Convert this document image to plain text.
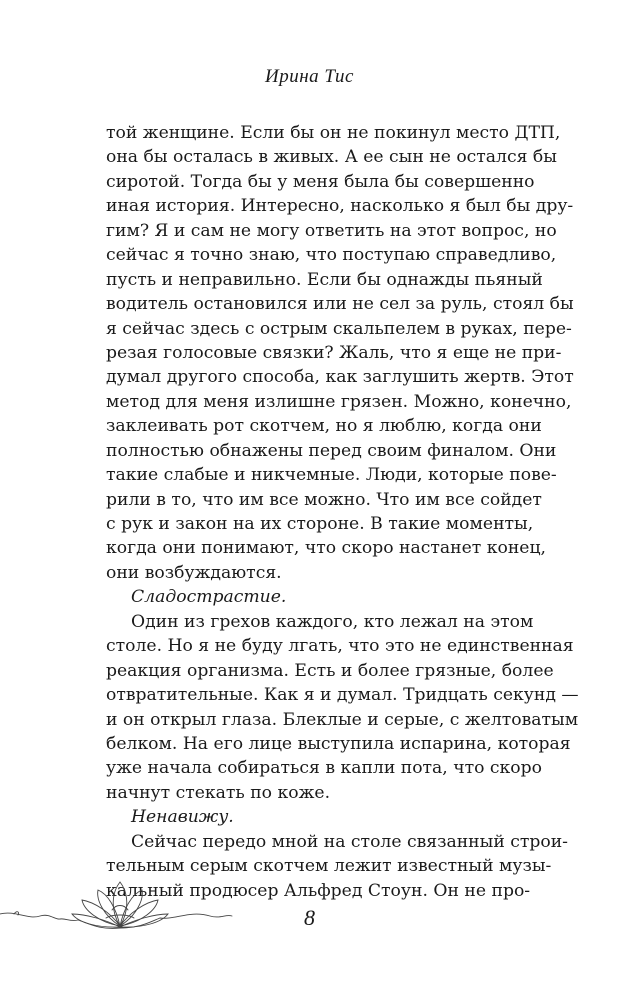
Ирина Тис
той женщине. Если бы он не покинул место ДТП,
она бы осталась в живых. А ее сын не остался бы
сиротой. Тогда бы у меня была бы совершенно
иная история. Интересно, насколько я был бы дру-
гим? Я и сам не могу ответить на этот вопрос, но
сейчас я точно знаю, что поступаю справедливо,
пусть и неправильно. Если бы однажды пьяный
водитель остановился или не сел за руль, стоял бы
я сейчас здесь с острым скальпелем в руках, пере-
резая голосовые связки? Жаль, что я еще не при-
думал другого способа, как заглушить жертв. Этот
метод для меня излишне грязен. Можно, конечно,
заклеивать рот скотчем, но я люблю, когда они
полностью обнажены перед своим финалом. Они
такие слабые и никчемные. Люди, которые пове-
рили в то, что им все можно. Что им все сойдет
с рук и закон на их стороне. В такие моменты,
когда они понимают, что скоро настанет конец,
они возбуждаются.
Сладострастие.
Один из грехов каждого, кто лежал на этом
столе. Но я не буду лгать, что это не единственная
реакция организма. Есть и более грязные, более
отвратительные. Как я и думал. Тридцать секунд —
и он открыл глаза. Блеклые и серые, с желтоватым
белком. На его лице выступила испарина, которая
уже начала собираться в капли пота, что скоро
начнут стекать по коже.
Ненавижу.
Сейчас передо мной на столе связанный строи-
тельным серым скотчем лежит известный музы-
кальный продюсер Альфред Стоун. Он не про-
8
